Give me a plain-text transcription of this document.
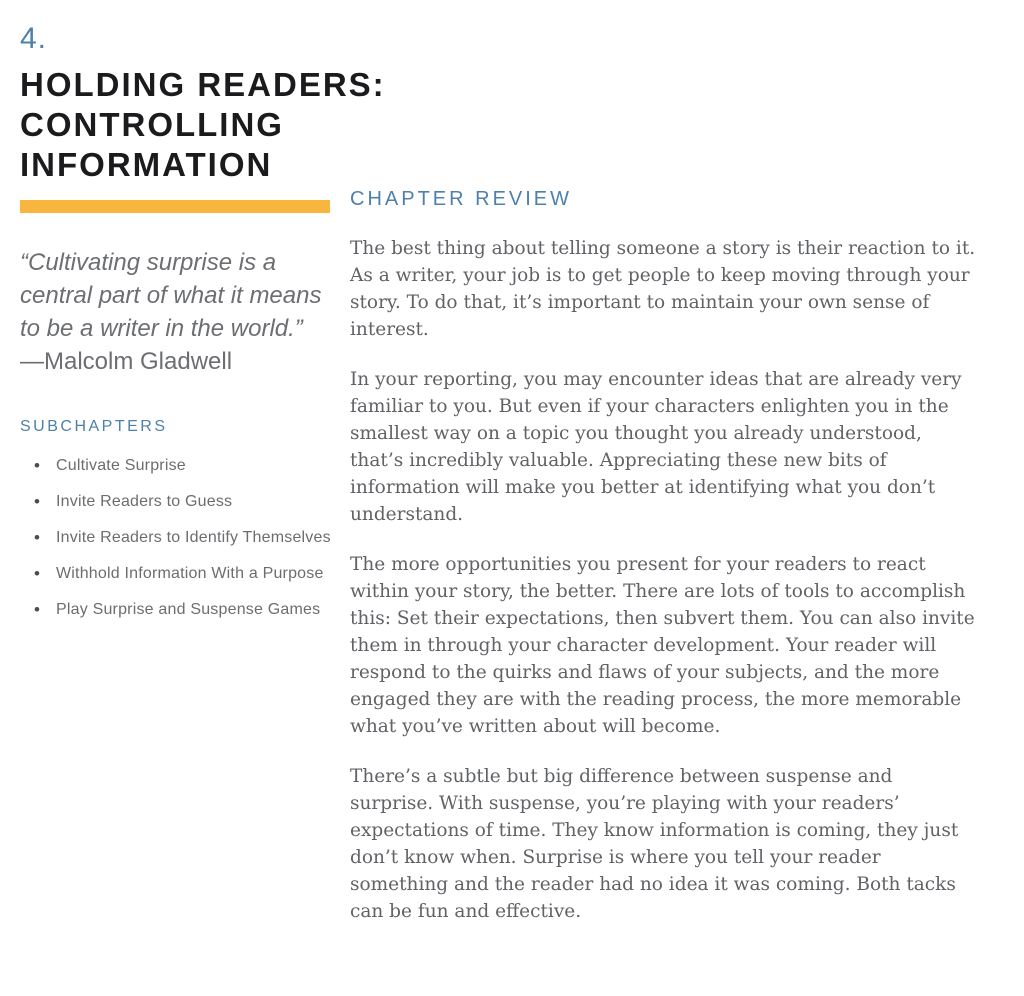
4.
HOLDING READERS:
CONTROLLING
INFORMATION
“Cultivating surprise is a central part of what it means to be a writer in the world.”
—Malcolm Gladwell
SUBCHAPTERS
• Cultivate Surprise
• Invite Readers to Guess
• Invite Readers to Identify Themselves
• Withhold Information With a Purpose
• Play Surprise and Suspense Games
CHAPTER REVIEW

The best thing about telling someone a story is their reaction to it. As a writer, your job is to get people to keep moving through your story. To do that, it’s important to maintain your own sense of interest.

In your reporting, you may encounter ideas that are already very familiar to you. But even if your characters enlighten you in the smallest way on a topic you thought you already understood, that’s incredibly valuable. Appreciating these new bits of information will make you better at identifying what you don’t understand.

The more opportunities you present for your readers to react within your story, the better. There are lots of tools to accomplish this: Set their expectations, then subvert them. You can also invite them in through your character development. Your reader will respond to the quirks and flaws of your subjects, and the more engaged they are with the reading process, the more memorable what you’ve written about will become.

There’s a subtle but big difference between suspense and surprise. With suspense, you’re playing with your readers’ expectations of time. They know information is coming, they just don’t know when. Surprise is where you tell your reader something and the reader had no idea it was coming. Both tacks can be fun and effective.
